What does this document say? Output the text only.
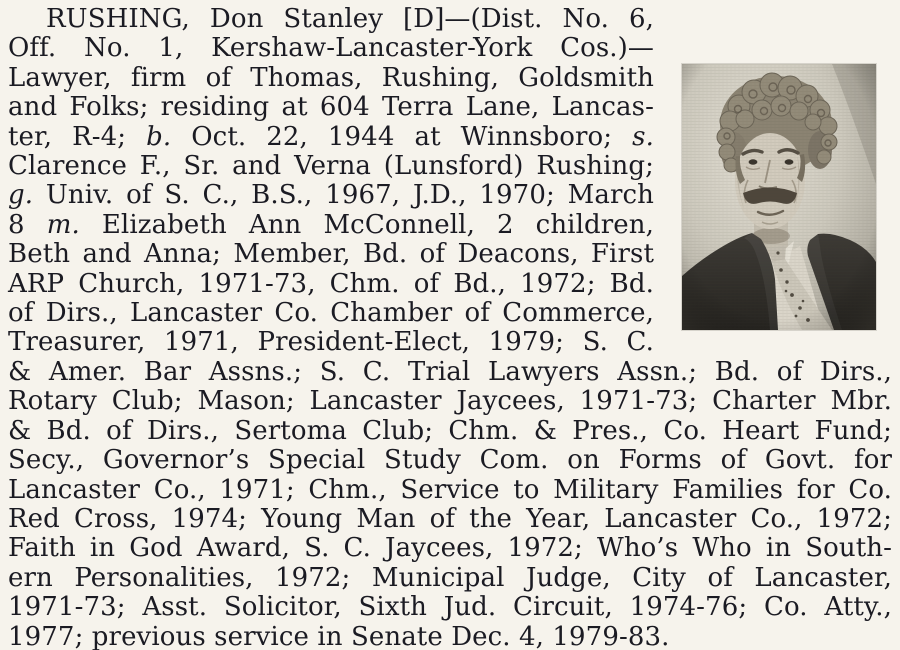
RUSHING, Don Stanley [D]—(Dist. No. 6,
Off. No. 1, Kershaw-Lancaster-York Cos.)—
Lawyer, firm of Thomas, Rushing, Goldsmith
and Folks; residing at 604 Terra Lane, Lancas-
ter, R-4; b. Oct. 22, 1944 at Winnsboro; s.
Clarence F., Sr. and Verna (Lunsford) Rushing;
g. Univ. of S. C., B.S., 1967, J.D., 1970; March
8 m. Elizabeth Ann McConnell, 2 children,
Beth and Anna; Member, Bd. of Deacons, First
ARP Church, 1971-73, Chm. of Bd., 1972; Bd.
of Dirs., Lancaster Co. Chamber of Commerce,
Treasurer, 1971, President-Elect, 1979; S. C.
& Amer. Bar Assns.; S. C. Trial Lawyers Assn.; Bd. of Dirs.,
Rotary Club; Mason; Lancaster Jaycees, 1971-73; Charter Mbr.
& Bd. of Dirs., Sertoma Club; Chm. & Pres., Co. Heart Fund;
Secy., Governor’s Special Study Com. on Forms of Govt. for
Lancaster Co., 1971; Chm., Service to Military Families for Co.
Red Cross, 1974; Young Man of the Year, Lancaster Co., 1972;
Faith in God Award, S. C. Jaycees, 1972; Who’s Who in South-
ern Personalities, 1972; Municipal Judge, City of Lancaster,
1971-73; Asst. Solicitor, Sixth Jud. Circuit, 1974-76; Co. Atty.,
1977; previous service in Senate Dec. 4, 1979-83.
